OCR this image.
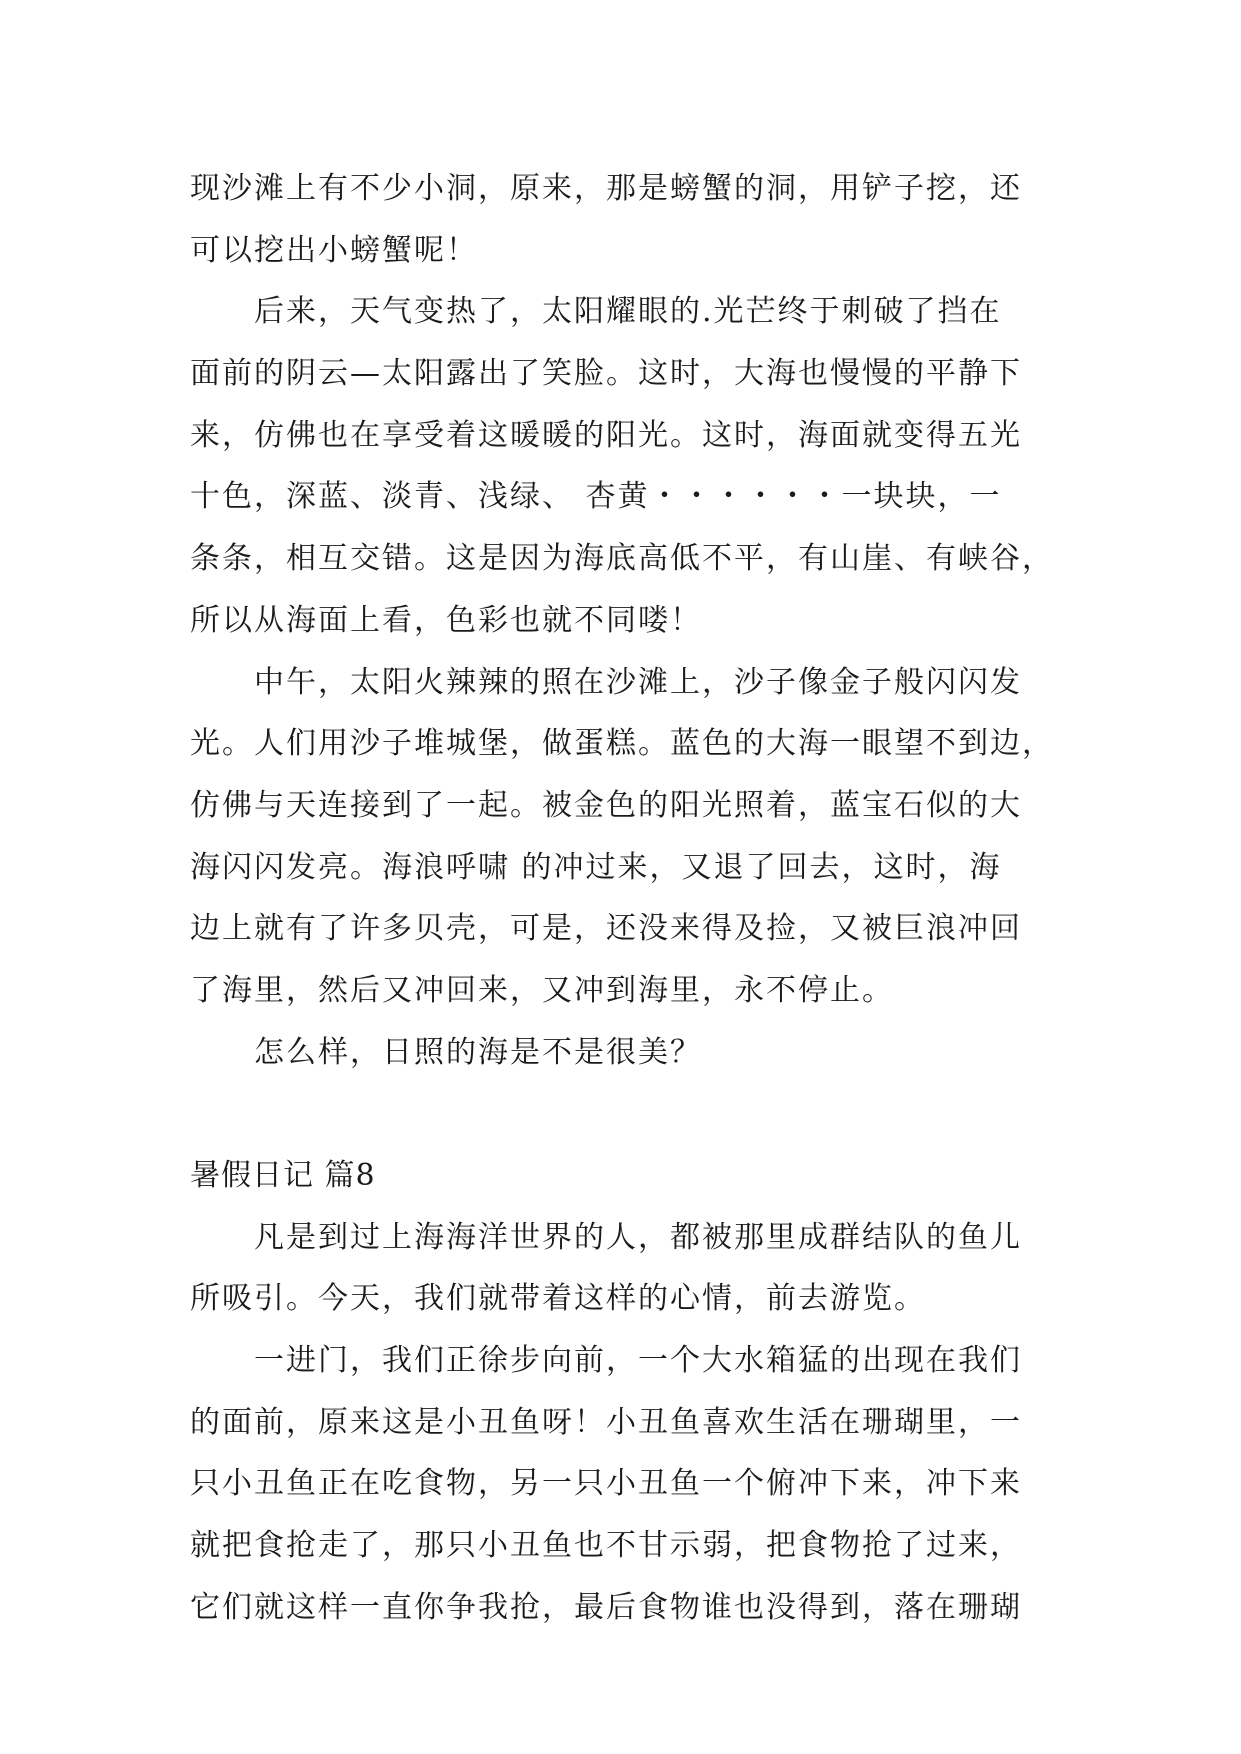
现沙滩上有不少小洞，原来，那是螃蟹的洞，用铲子挖，还
可以挖出小螃蟹呢！
后来，天气变热了，太阳耀眼的.光芒终于刺破了挡在
面前的阴云—太阳露出了笑脸。这时，大海也慢慢的平静下
来，仿佛也在享受着这暖暖的阳光。这时，海面就变得五光
十色，深蓝、淡青、浅绿、 杏黄・・・・・・一块块，一
条条，相互交错。这是因为海底高低不平，有山崖、有峡谷，
所以从海面上看，色彩也就不同喽！
中午，太阳火辣辣的照在沙滩上，沙子像金子般闪闪发
光。人们用沙子堆城堡，做蛋糕。蓝色的大海一眼望不到边，
仿佛与天连接到了一起。被金色的阳光照着，蓝宝石似的大
海闪闪发亮。海浪呼啸 的冲过来，又退了回去，这时，海
边上就有了许多贝壳，可是，还没来得及捡，又被巨浪冲回
了海里，然后又冲回来，又冲到海里，永不停止。
怎么样，日照的海是不是很美？
暑假日记 篇8
凡是到过上海海洋世界的人，都被那里成群结队的鱼儿
所吸引。今天，我们就带着这样的心情，前去游览。
一进门，我们正徐步向前，一个大水箱猛的出现在我们
的面前，原来这是小丑鱼呀！小丑鱼喜欢生活在珊瑚里，一
只小丑鱼正在吃食物，另一只小丑鱼一个俯冲下来，冲下来
就把食抢走了，那只小丑鱼也不甘示弱，把食物抢了过来，
它们就这样一直你争我抢，最后食物谁也没得到，落在珊瑚
